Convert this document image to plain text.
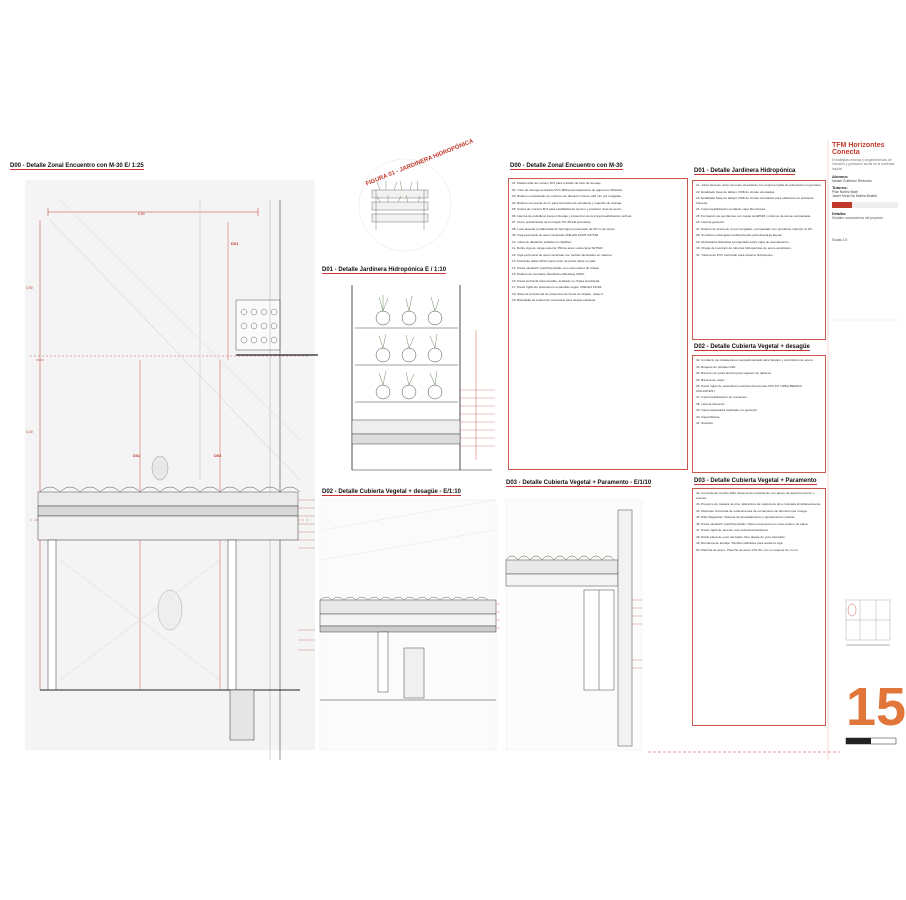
D00 - Detalle Zonal Encuentro con M-30 E/ 1:25
D01
D02	D03
6,80
3,90
4,40
FIGURA 01 - JARDINERA HIDROPÓNICA
D01 - Detalle Jardinera Hidropónica E / 1:10
D02 - Detalle Cubierta Vegetal + desagüe - E/1:10
D03 - Detalle Cubierta Vegetal + Paramento - E/1/10
D00 - Detalle Zonal Encuentro con M-30

01. Media caña de mortero M-5 para recibido de tubo de drenaje.

02. Tubo de drenaje perforado PVC Ø90 para tratamiento de aguas por filtración.

03. Relleno compactado de cohorros de diámetro inferior a30 mm por tongadas.

04. Relleno con arena de río para formación de pendiente y sujeción de drenaje.

05. Solera de mortero M-5 para estabilidad de terreno y posterior nivel de acero.

06. Lámina de polietileno para el drenaje y protección de la impermeabilización vertical.

07. Acero prefabricado de hormigón HA-30 ER prelosado.

08. Losa alveolar prefabricada de hormigón pretensado de 25 cm de canto.

09. Viga perimetral de acero laminado UNE-EN 10025 S275JR.

10. Junta de dilatación sellada con Sikaflex.

11. Doble viga de carga superior 350 de acero estructural S275JR.

12. Viga perimetral de acero laminado con perfiles laminados en caliente.

13. Montante doble 2PGC para unión de panel doble en pilar.

14. Panel sándwich machihembrado con cara interior de chapa.

15. Relleno de montante SteelFrame Blocking 2PGC.

16. Panel technical impermeable, acabado en chapa anodizada.

17. Panel rígido de poliestireno expandido según UNE-EN 13163.

18. Sistema provisional de protección de borde de forjado, clase A.

19. Barandilla de protección perimetral para cargas estáticas.

D01 - Detalle Jardinera Hidropónica

21. Junta Seca de unión de losas elevadoras con espuma rígida de poliuretano proyectado.

22. Entablado base de tablero OSB de virutas orientadas.

23. Entablado base de tablero OSB de virutas orientadas para utilización en ambiente húmedo.

24. Impermeabilización mediante capa bituminosa.

25. Formación de pendientes con capas de EPDM y rellenos de arena compactada.

26. Lámina geotextil.

27. Relleno de arena de río por tongadas, compactado con pendiente superior al 1%.

28. Sumidero rectangular multiperforado para descarga lateral.

29. Abrazadera hidráulica compactada sobre capa de asentamiento.

30. Chapa de inversión de tuberías hidropónicas de acero anodizado.

31. Tubería de PVC perforado para sistema hidropónico.

D02 - Detalle Cubierta Vegetal + desagüe

32. Conducto de instalaciones compartimentado para líquidos y suministros de acero.

33. Boquete de plurales D40.

34. Barrera con junta técnica para sujeción de tableros.

35. Barrera de vapor.

36. Panel rígido de poliestireno extruido (frecuencia XPS 1/5 'URSA IBERICA AISLANTES').

37. Impermeabilización de encuentro.

38. Lámina drenante.

39. Capa separadora realizada con geotextil.

40. Capa filtrante.

41. Sustrato.

D03 - Detalle Cubierta Vegetal + Paramento

42. Cerramiento Cortizo Wall. Sistema de cerramiento con apoyo de apertura interior y exterior.

43. Precerco de madera de pino. Estructura de madera de pino colocada simultáneamente.

44. Montante horizontal de subestructura de cerramiento de aluminio tipo omega.

45. Pilar Megasolar. Sistema de apuntalamiento y ajustamiento modular.

46. Panel sándwich machihembrado. Panel compuesto por cara exterior de placa.

47. Panel rígido de lana de roca volcánica Rockwool.

48. Doble placa de yeso laminado. Dos placas de yeso laminado.

49. Remitería de anclaje. Tornillos utilizados para anclar la viga.

50. Plancha de acero. Plancha de acero 275 JR, con un espesor de 3 mm.

TFM Horizontes Conecta
Estrategias urbanas y arquitectónicas de inclusión y gradación social en la sociedad líquida
Alumno:
Ismael Gutiérrez Redondo
Tutores:
Pilar Núñez Martí
Javier Mota De Molina Bolaño
Detalles
Detalles constructivos del proyecto
Escala 1:5
15
